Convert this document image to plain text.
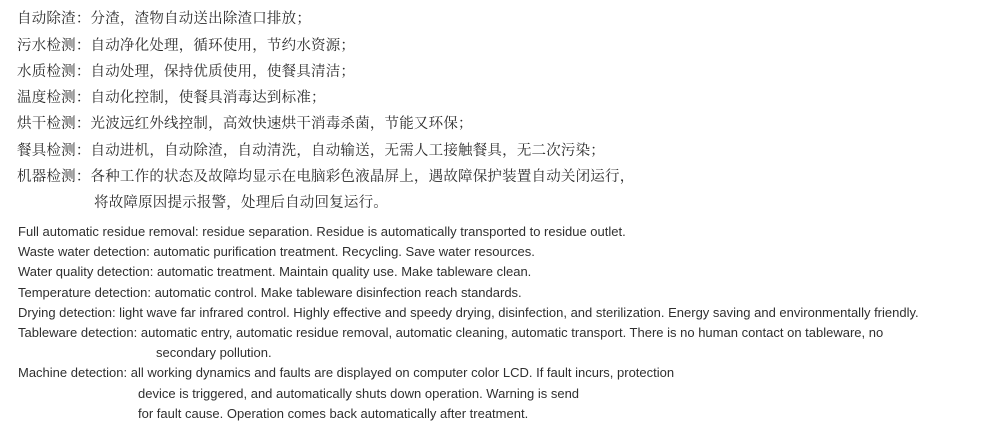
自动除渣：分渣，渣物自动送出除渣口排放；
污水检测：自动净化处理，循环使用，节约水资源；
水质检测：自动处理，保持优质使用，使餐具清洁；
温度检测：自动化控制，使餐具消毒达到标准；
烘干检测：光波远红外线控制，高效快速烘干消毒杀菌，节能又环保；
餐具检测：自动进机，自动除渣，自动清洗，自动输送，无需人工接触餐具，无二次污染；
机器检测：各种工作的状态及故障均显示在电脑彩色液晶屏上，遇故障保护装置自动关闭运行，
将故障原因提示报警，处理后自动回复运行。
Full automatic residue removal: residue separation. Residue is automatically transported to residue outlet.
Waste water detection: automatic purification treatment. Recycling. Save water resources.
Water quality detection: automatic treatment. Maintain quality use. Make tableware clean.
Temperature detection: automatic control. Make tableware disinfection reach standards.
Drying detection: light wave far infrared control. Highly effective and speedy drying, disinfection, and sterilization. Energy saving and environmentally friendly.
Tableware detection: automatic entry, automatic residue removal, automatic cleaning, automatic transport. There is no human contact on tableware, no
secondary pollution.
Machine detection: all working dynamics and faults are displayed on computer color LCD. If fault incurs, protection
device is triggered, and automatically shuts down operation. Warning is send
for fault cause. Operation comes back automatically after treatment.
